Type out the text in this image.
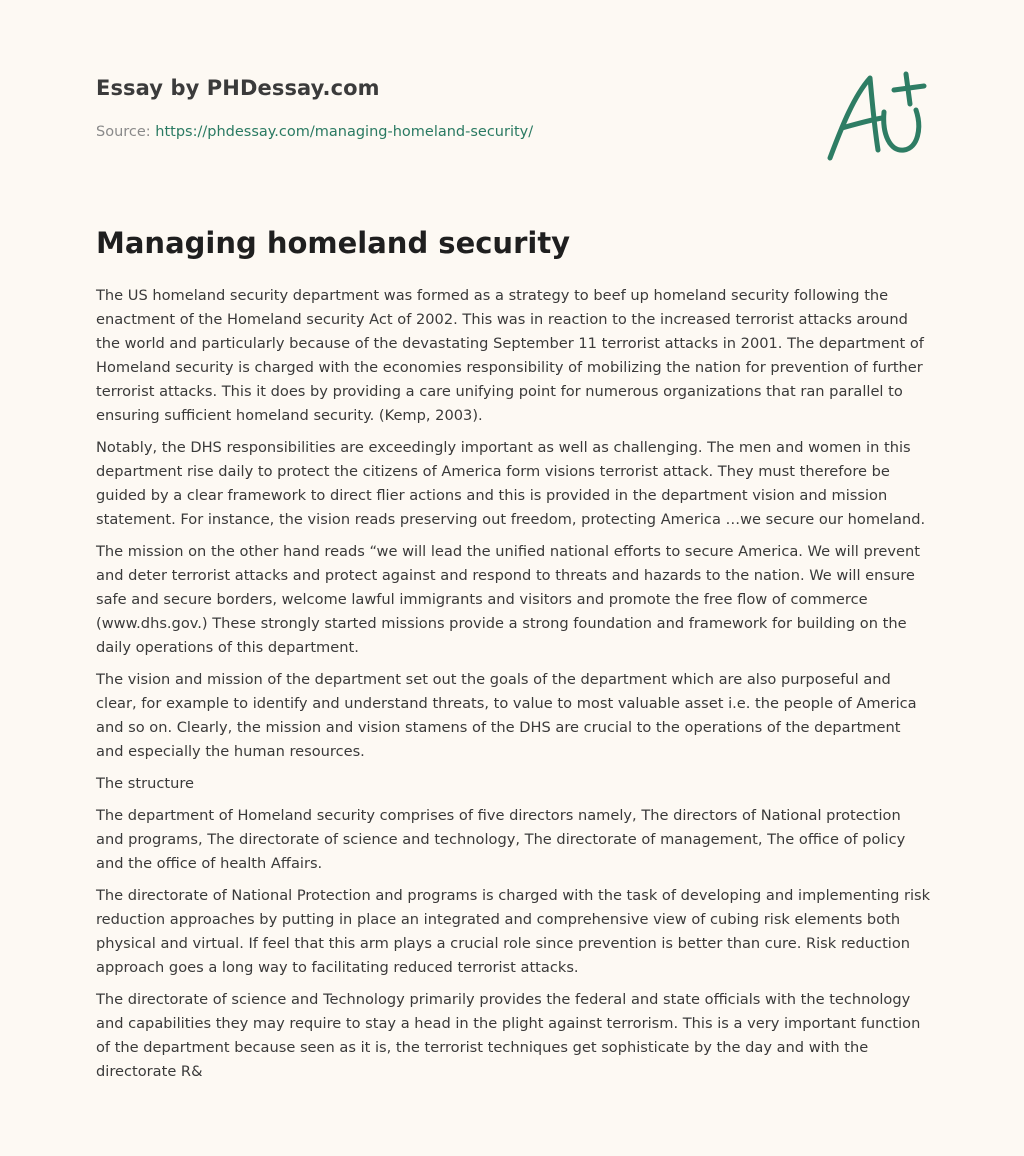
Essay by PHDessay.com
Source: https://phdessay.com/managing-homeland-security/
Managing homeland security

The US homeland security department was formed as a strategy to beef up homeland security following the enactment of the Homeland security Act of 2002. This was in reaction to the increased terrorist attacks around the world and particularly because of the devastating September 11 terrorist attacks in 2001. The department of Homeland security is charged with the economies responsibility of mobilizing the nation for prevention of further terrorist attacks. This it does by providing a care unifying point for numerous organizations that ran parallel to ensuring sufficient homeland security. (Kemp, 2003).

Notably, the DHS responsibilities are exceedingly important as well as challenging. The men and women in this department rise daily to protect the citizens of America form visions terrorist attack. They must therefore be guided by a clear framework to direct flier actions and this is provided in the department vision and mission statement. For instance, the vision reads preserving out freedom, protecting America …we secure our homeland.

The mission on the other hand reads “we will lead the unified national efforts to secure America. We will prevent and deter terrorist attacks and protect against and respond to threats and hazards to the nation. We will ensure safe and secure borders, welcome lawful immigrants and visitors and promote the free flow of commerce (www.dhs.gov.) These strongly started missions provide a strong foundation and framework for building on the daily operations of this department.

The vision and mission of the department set out the goals of the department which are also purposeful and clear, for example to identify and understand threats, to value to most valuable asset i.e. the people of America and so on. Clearly, the mission and vision stamens of the DHS are crucial to the operations of the department and especially the human resources.

The structure

The department of Homeland security comprises of five directors namely, The directors of National protection and programs, The directorate of science and technology, The directorate of management, The office of policy and the office of health Affairs.

The directorate of National Protection and programs is charged with the task of developing and implementing risk reduction approaches by putting in place an integrated and comprehensive view of cubing risk elements both physical and virtual. If feel that this arm plays a crucial role since prevention is better than cure. Risk reduction approach goes a long way to facilitating reduced terrorist attacks.

The directorate of science and Technology primarily provides the federal and state officials with the technology and capabilities they may require to stay a head in the plight against terrorism. This is a very important function of the department because seen as it is, the terrorist techniques get sophisticate by the day and with the directorate R&
